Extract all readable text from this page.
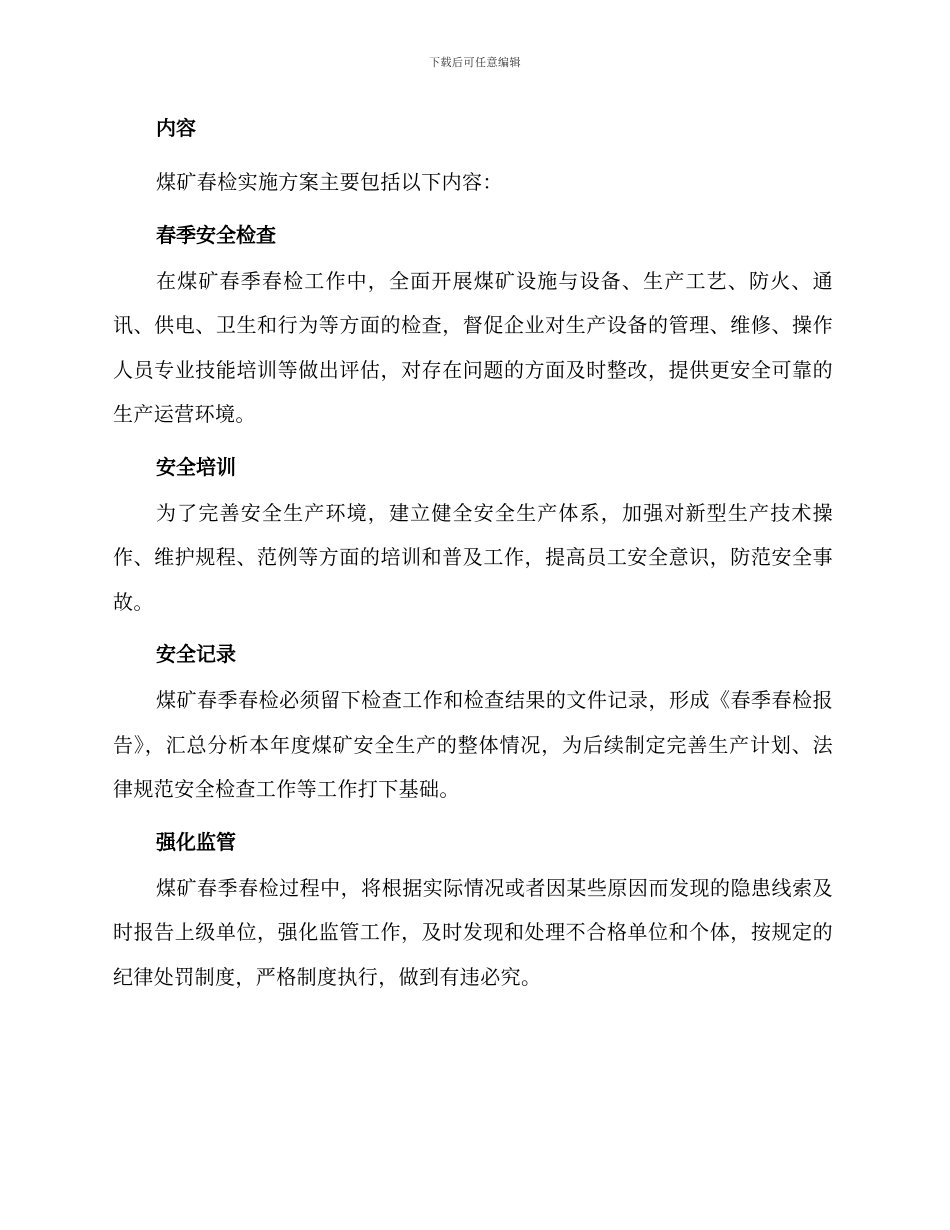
下载后可任意编辑
内容

煤矿春检实施方案主要包括以下内容：

春季安全检查

在煤矿春季春检工作中，全面开展煤矿设施与设备、生产工艺、防火、通讯、供电、卫生和行为等方面的检查，督促企业对生产设备的管理、维修、操作人员专业技能培训等做出评估，对存在问题的方面及时整改，提供更安全可靠的生产运营环境。

安全培训

为了完善安全生产环境，建立健全安全生产体系，加强对新型生产技术操作、维护规程、范例等方面的培训和普及工作，提高员工安全意识，防范安全事故。

安全记录

煤矿春季春检必须留下检查工作和检查结果的文件记录，形成《春季春检报告》，汇总分析本年度煤矿安全生产的整体情况，为后续制定完善生产计划、法律规范安全检查工作等工作打下基础。

强化监管

煤矿春季春检过程中，将根据实际情况或者因某些原因而发现的隐患线索及时报告上级单位，强化监管工作，及时发现和处理不合格单位和个体，按规定的纪律处罚制度，严格制度执行，做到有违必究。
